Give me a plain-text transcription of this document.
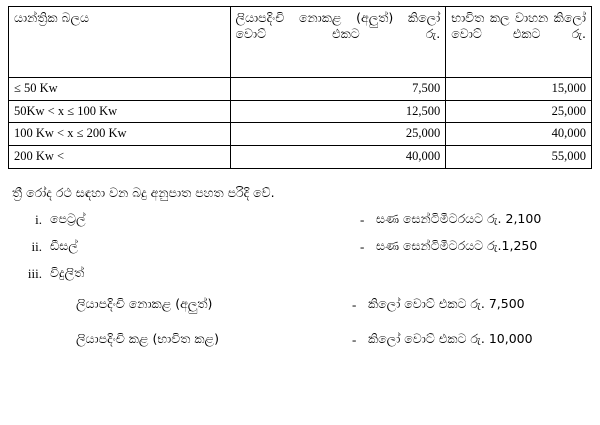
යාන්ත්‍රික බලය	ලියාපදිංචි නොකළ (අලුත්) කිලෝ වොට් එකට රු.	භාවිත කල වාහන කිලෝ වොට් එකට රු.
≤ 50 Kw	7,500	15,000
50Kw < x ≤ 100 Kw	12,500	25,000
100 Kw < x ≤ 200 Kw	25,000	40,000
200 Kw <	40,000	55,000

ත්‍රී රෝද රථ සඳහා වන බදු අනුපාත පහත පරිදි වේ.

i. පෙට්‍රල්	- සණ සෙන්ටිමීටරයට රු. 2,100
ii. ඩීසල්	- සණ සෙන්ටිමීටරයට රු.1,250
iii. විදුලිත්
ලියාපදිංචි නොකළ (අලුත්)	- කිලෝ වොට් එකට රු. 7,500
ලියාපදිංචි කළ (භාවිත කළ)	- කිලෝ වොට් එකට රු. 10,000
